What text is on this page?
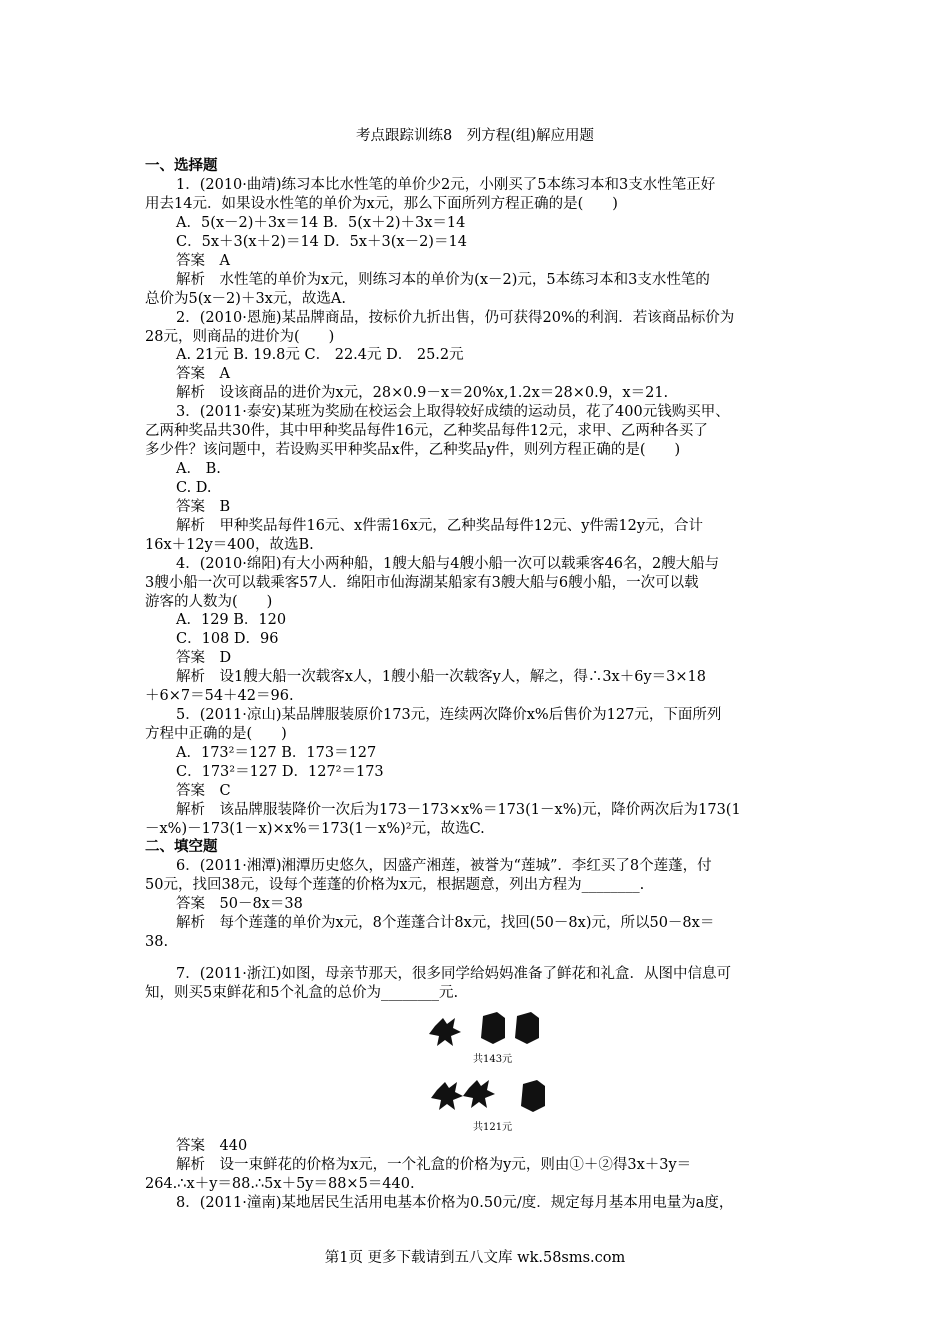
考点跟踪训练8　列方程(组)解应用题
一、选择题
1．(2010·曲靖)练习本比水性笔的单价少2元，小刚买了5本练习本和3支水性笔正好
用去14元．如果设水性笔的单价为x元，那么下面所列方程正确的是(　　)
A．5(x－2)＋3x＝14 B．5(x＋2)＋3x＝14
C．5x＋3(x＋2)＝14 D．5x＋3(x－2)＝14
答案　A
解析　水性笔的单价为x元，则练习本的单价为(x－2)元，5本练习本和3支水性笔的
总价为5(x－2)＋3x元，故选A.
2．(2010·恩施)某品牌商品，按标价九折出售，仍可获得20%的利润．若该商品标价为
28元，则商品的进价为(　　)
A. 21元 B. 19.8元 C． 22.4元 D． 25.2元
答案　A
解析　设该商品的进价为x元，28×0.9－x＝20%x,1.2x＝28×0.9，x＝21.
3．(2011·泰安)某班为奖励在校运会上取得较好成绩的运动员，花了400元钱购买甲、
乙两种奖品共30件，其中甲种奖品每件16元，乙种奖品每件12元，求甲、乙两种各买了
多少件？该问题中，若设购买甲种奖品x件，乙种奖品y件，则列方程正确的是(　　)
A． B.
C. D.
答案　B
解析　甲种奖品每件16元、x件需16x元，乙种奖品每件12元、y件需12y元，合计
16x＋12y＝400，故选B.
4．(2010·绵阳)有大小两种船，1艘大船与4艘小船一次可以载乘客46名，2艘大船与
3艘小船一次可以载乘客57人．绵阳市仙海湖某船家有3艘大船与6艘小船，一次可以载
游客的人数为(　　)
A．129 B．120
C．108 D．96
答案　D
解析　设1艘大船一次载客x人，1艘小船一次载客y人，解之，得∴3x＋6y＝3×18
＋6×7＝54＋42＝96.
5．(2011·凉山)某品牌服装原价173元，连续两次降价x%后售价为127元，下面所列
方程中正确的是(　　)
A．173²＝127 B．173＝127
C．173²＝127 D．127²＝173
答案　C
解析　该品牌服装降价一次后为173－173×x%＝173(1－x%)元，降价两次后为173(1
－x%)－173(1－x)×x%＝173(1－x%)²元，故选C.
二、填空题
6．(2011·湘潭)湘潭历史悠久，因盛产湘莲，被誉为“莲城”．李红买了8个莲蓬，付
50元，找回38元，设每个莲蓬的价格为x元，根据题意，列出方程为________.
答案　50－8x＝38
解析　每个莲蓬的单价为x元，8个莲蓬合计8x元，找回(50－8x)元，所以50－8x＝
38.
7．(2011·浙江)如图，母亲节那天，很多同学给妈妈准备了鲜花和礼盒．从图中信息可
知，则买5束鲜花和5个礼盒的总价为________元.
答案　440
解析　设一束鲜花的价格为x元，一个礼盒的价格为y元，则由①＋②得3x＋3y＝
264.∴x＋y＝88.∴5x＋5y＝88×5＝440.
8．(2011·潼南)某地居民生活用电基本价格为0.50元/度．规定每月基本用电量为a度，
共143元
共121元
第1页 更多下载请到五八文库 wk.58sms.com
